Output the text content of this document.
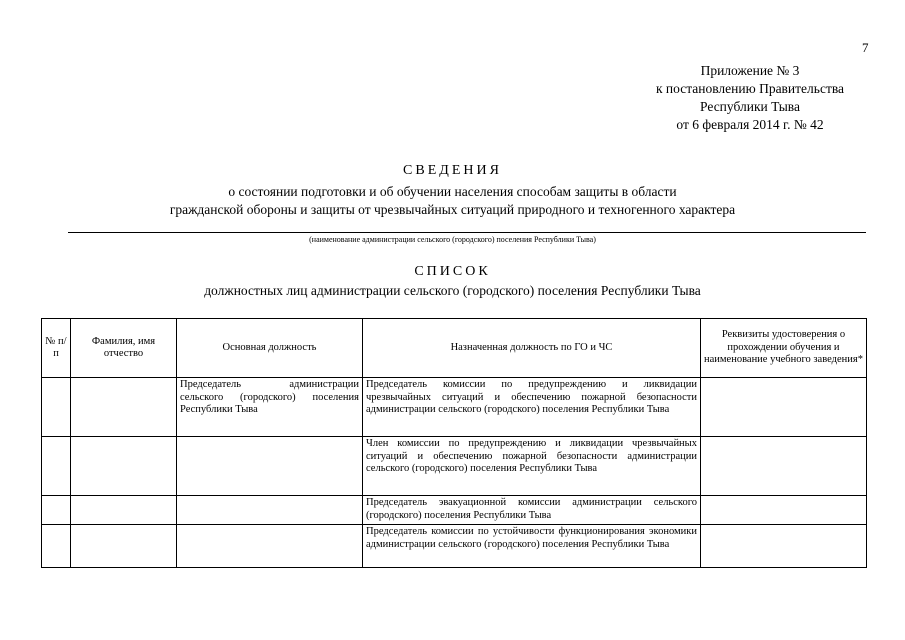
7
Приложение № 3
к постановлению Правительства
Республики Тыва
от 6 февраля 2014 г. № 42
СВЕДЕНИЯ
о состоянии подготовки и об обучении населения способам защиты в области
гражданской обороны и защиты от чрезвычайных ситуаций природного и техногенного характера
(наименование администрации сельского (городского) поселения Республики Тыва)
СПИСОК
должностных лиц администрации сельского (городского) поселения Республики Тыва
№ п/п	Фамилия, имя отчество	Основная должность	Назначенная должность по ГО и ЧС	Реквизиты удостоверения о прохождении обучения и наименование учебного заведения*
		Председатель администрации сельского (городского) поселения Республики Тыва	Председатель комиссии по предупреждению и ликвидации чрезвычайных ситуаций и обеспечению пожарной безопасности администрации сельского (городского) поселения Республики Тыва	
			Член комиссии по предупреждению и ликвидации чрезвычайных ситуаций и обеспечению пожарной безопасности администрации сельского (городского) поселения Республики Тыва	
			Председатель эвакуационной комиссии администрации сельского (городского) поселения Республики Тыва	
			Председатель комиссии по устойчивости функционирования экономики администрации сельского (городского) поселения Республики Тыва	
